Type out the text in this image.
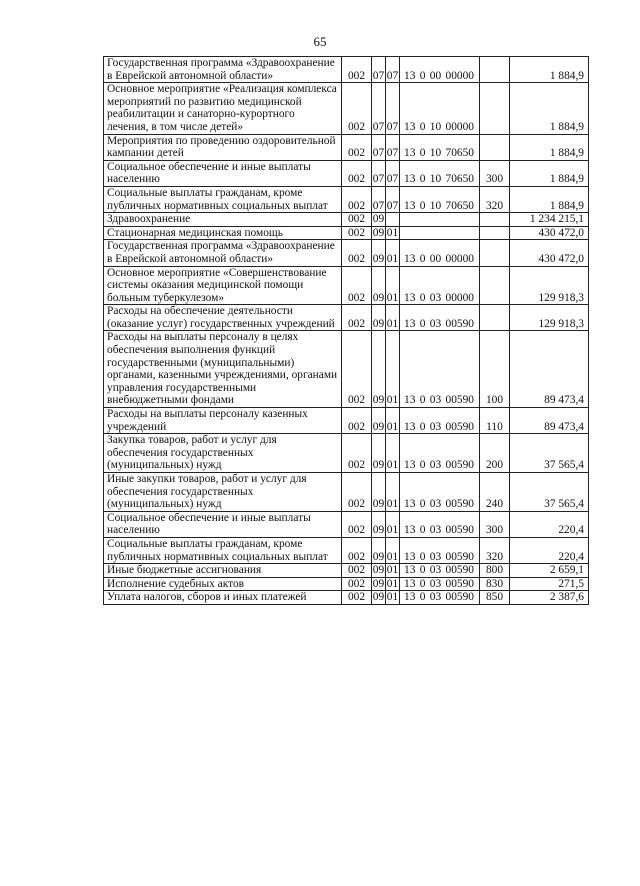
65
Государственная программа «Здравоохранение в Еврейской автономной области»	002	07	07	13 0 00 00000		1 884,9
Основное мероприятие «Реализация комплекса мероприятий по развитию медицинской реабилитации и санаторно-курортного лечения, в том числе детей»	002	07	07	13 0 10 00000		1 884,9
Мероприятия по проведению оздоровительной кампании детей	002	07	07	13 0 10 70650		1 884,9
Социальное обеспечение и иные выплаты населению	002	07	07	13 0 10 70650	300	1 884,9
Социальные выплаты гражданам, кроме публичных нормативных социальных выплат	002	07	07	13 0 10 70650	320	1 884,9
Здравоохранение	002	09				1 234 215,1
Стационарная медицинская помощь	002	09	01			430 472,0
Государственная программа «Здравоохранение в Еврейской автономной области»	002	09	01	13 0 00 00000		430 472,0
Основное мероприятие «Совершенствование системы оказания медицинской помощи больным туберкулезом»	002	09	01	13 0 03 00000		129 918,3
Расходы на обеспечение деятельности (оказание услуг) государственных учреждений	002	09	01	13 0 03 00590		129 918,3
Расходы на выплаты персоналу в целях обеспечения выполнения функций государственными (муниципальными) органами, казенными учреждениями, органами управления государственными внебюджетными фондами	002	09	01	13 0 03 00590	100	89 473,4
Расходы на выплаты персоналу казенных учреждений	002	09	01	13 0 03 00590	110	89 473,4
Закупка товаров, работ и услуг для обеспечения государственных (муниципальных) нужд	002	09	01	13 0 03 00590	200	37 565,4
Иные закупки товаров, работ и услуг для обеспечения государственных (муниципальных) нужд	002	09	01	13 0 03 00590	240	37 565,4
Социальное обеспечение и иные выплаты населению	002	09	01	13 0 03 00590	300	220,4
Социальные выплаты гражданам, кроме публичных нормативных социальных выплат	002	09	01	13 0 03 00590	320	220,4
Иные бюджетные ассигнования	002	09	01	13 0 03 00590	800	2 659,1
Исполнение судебных актов	002	09	01	13 0 03 00590	830	271,5
Уплата налогов, сборов и иных платежей	002	09	01	13 0 03 00590	850	2 387,6
